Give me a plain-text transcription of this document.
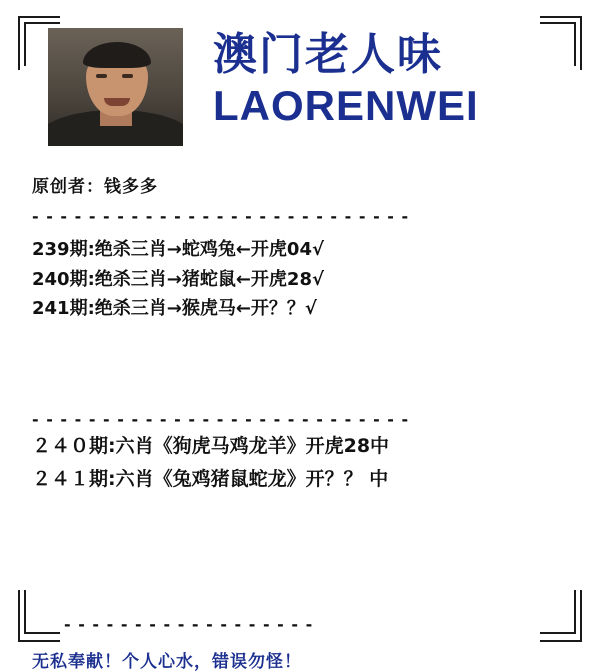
澳门老人味
LAORENWEI
原创者：钱多多
- - - - - - - - - - - - - - - - - - - - - - - - - - -
239期:绝杀三肖→蛇鸡兔←开虎04√
240期:绝杀三肖→猪蛇鼠←开虎28√
241期:绝杀三肖→猴虎马←开？？√
- - - - - - - - - - - - - - - - - - - - - - - - - - -
２４０期:六肖《狗虎马鸡龙羊》开虎28中
２４１期:六肖《兔鸡猪鼠蛇龙》开？？ 中
- - - - - - - - - - - - - - - - - -
无私奉献！个人心水，错误勿怪！
